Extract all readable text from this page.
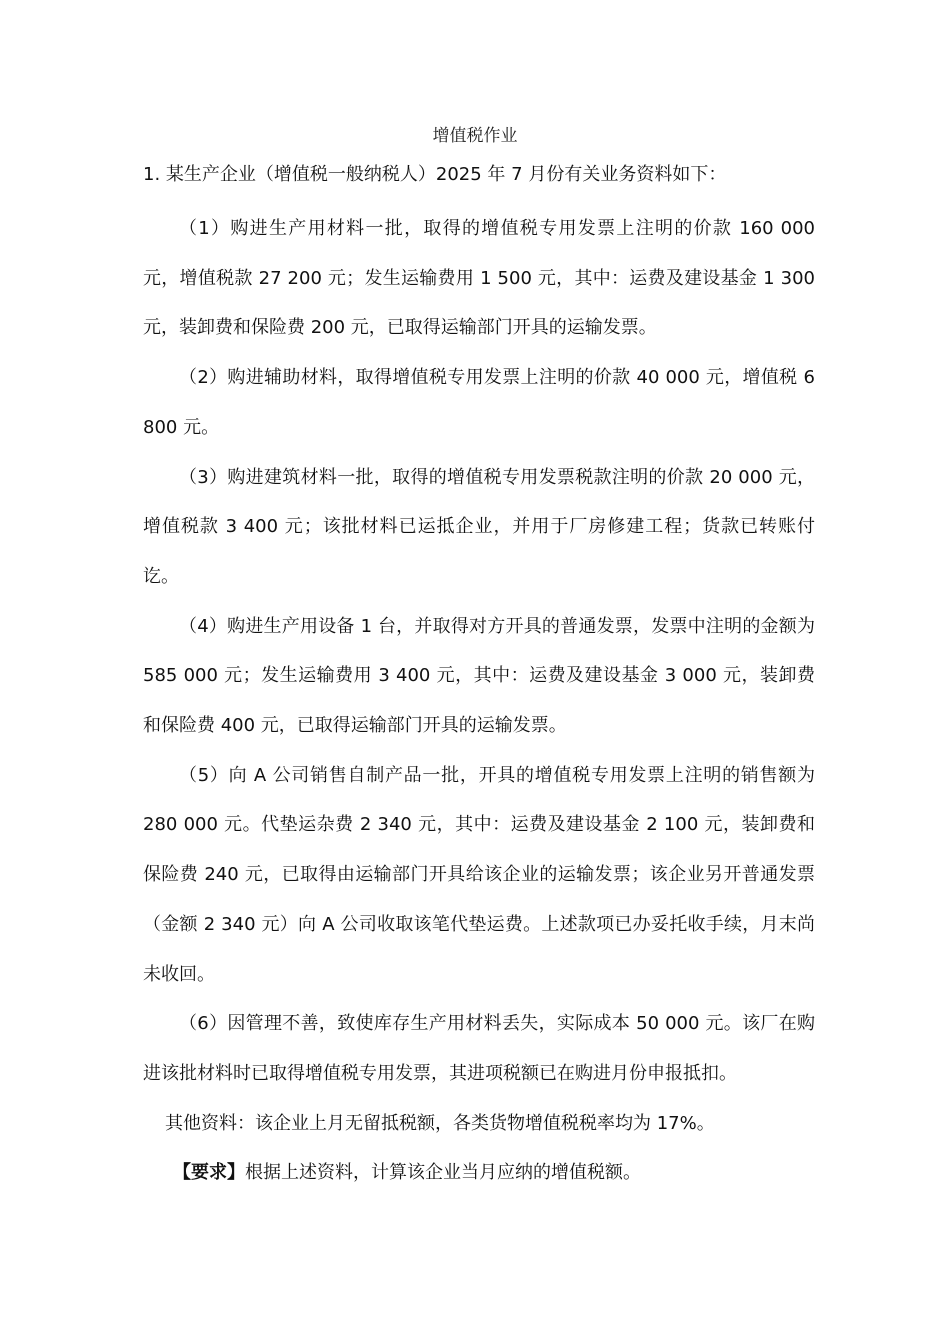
增值税作业

1. 某生产企业（增值税一般纳税人）2025 年 7 月份有关业务资料如下：

（1）购进生产用材料一批，取得的增值税专用发票上注明的价款 160 000 元，增值税款 27 200 元；发生运输费用 1 500 元，其中：运费及建设基金 1 300 元，装卸费和保险费 200 元，已取得运输部门开具的运输发票。

（2）购进辅助材料，取得增值税专用发票上注明的价款 40 000 元，增值税 6 800 元。

（3）购进建筑材料一批，取得的增值税专用发票税款注明的价款 20 000 元，增值税款 3 400 元；该批材料已运抵企业，并用于厂房修建工程；货款已转账付讫。

（4）购进生产用设备 1 台，并取得对方开具的普通发票，发票中注明的金额为 585 000 元；发生运输费用 3 400 元，其中：运费及建设基金 3 000 元，装卸费和保险费 400 元，已取得运输部门开具的运输发票。

（5）向 A 公司销售自制产品一批，开具的增值税专用发票上注明的销售额为 280 000 元。代垫运杂费 2 340 元，其中：运费及建设基金 2 100 元，装卸费和保险费 240 元，已取得由运输部门开具给该企业的运输发票；该企业另开普通发票（金额 2 340 元）向 A 公司收取该笔代垫运费。上述款项已办妥托收手续，月末尚未收回。

（6）因管理不善，致使库存生产用材料丢失，实际成本 50 000 元。该厂在购进该批材料时已取得增值税专用发票，其进项税额已在购进月份申报抵扣。

其他资料：该企业上月无留抵税额，各类货物增值税税率均为 17%。

【要求】根据上述资料，计算该企业当月应纳的增值税额。
